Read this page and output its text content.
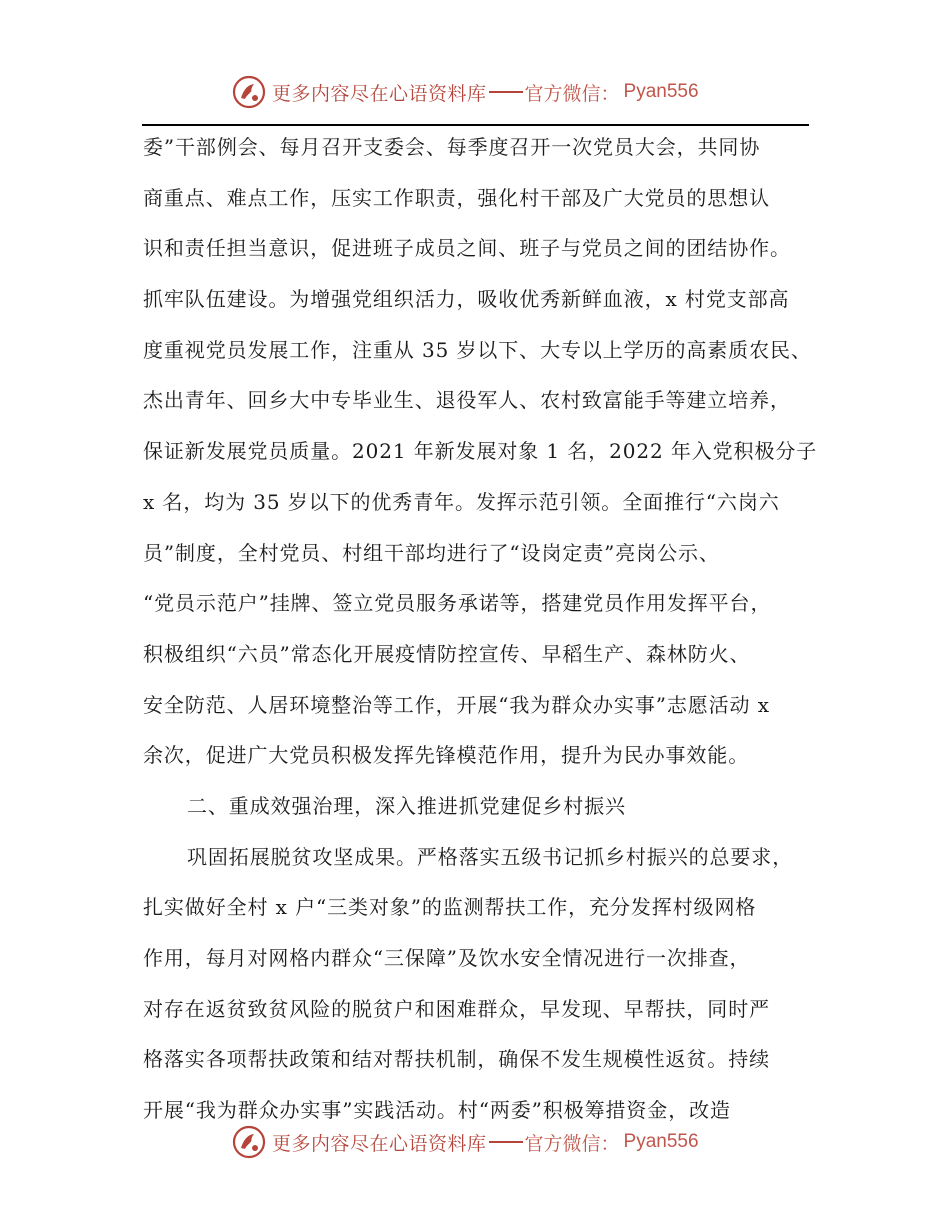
更多内容尽在心语资料库 官方微信： Pyan556
委”干部例会、每月召开支委会、每季度召开一次党员大会，共同协
商重点、难点工作，压实工作职责，强化村干部及广大党员的思想认
识和责任担当意识，促进班子成员之间、班子与党员之间的团结协作。
抓牢队伍建设。为增强党组织活力，吸收优秀新鲜血液，x 村党支部高
度重视党员发展工作，注重从 35 岁以下、大专以上学历的高素质农民、
杰出青年、回乡大中专毕业生、退役军人、农村致富能手等建立培养，
保证新发展党员质量。2021 年新发展对象 1 名，2022 年入党积极分子
x 名，均为 35 岁以下的优秀青年。发挥示范引领。全面推行“六岗六
员”制度，全村党员、村组干部均进行了“设岗定责”亮岗公示、
“党员示范户”挂牌、签立党员服务承诺等，搭建党员作用发挥平台，
积极组织“六员”常态化开展疫情防控宣传、早稻生产、森林防火、
安全防范、人居环境整治等工作，开展“我为群众办实事”志愿活动 x
余次，促进广大党员积极发挥先锋模范作用，提升为民办事效能。
二、重成效强治理，深入推进抓党建促乡村振兴
巩固拓展脱贫攻坚成果。严格落实五级书记抓乡村振兴的总要求，
扎实做好全村 x 户“三类对象”的监测帮扶工作，充分发挥村级网格
作用，每月对网格内群众“三保障”及饮水安全情况进行一次排查，
对存在返贫致贫风险的脱贫户和困难群众，早发现、早帮扶，同时严
格落实各项帮扶政策和结对帮扶机制，确保不发生规模性返贫。持续
开展“我为群众办实事”实践活动。村“两委”积极筹措资金，改造
更多内容尽在心语资料库 官方微信： Pyan556
